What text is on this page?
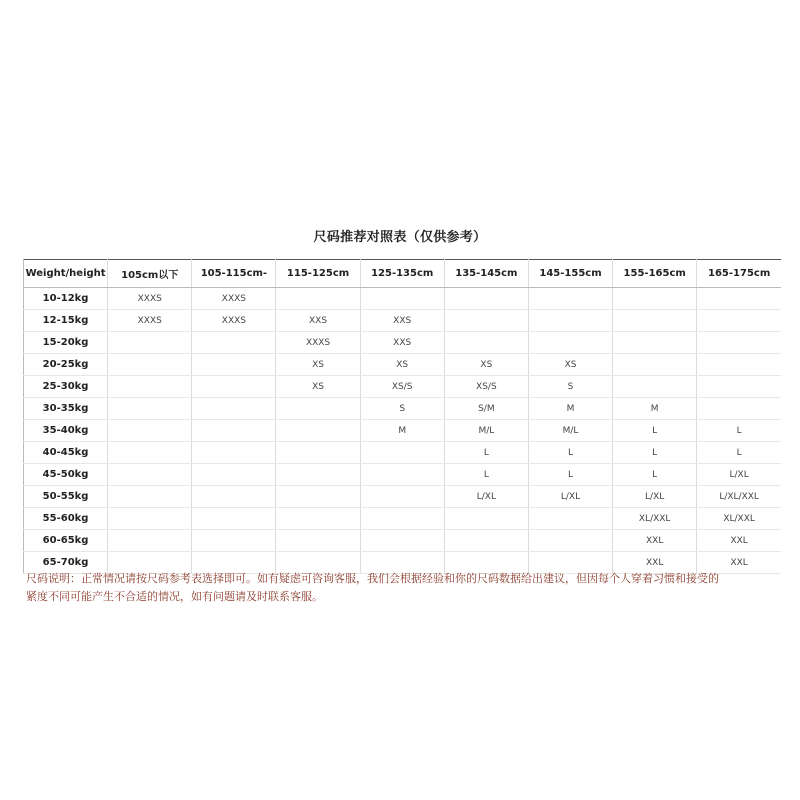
尺码推荐对照表（仅供参考）
Weight/height	105cm以下	105-115cm-	115-125cm	125-135cm	135-145cm	145-155cm	155-165cm	165-175cm
10-12kg	XXXS	XXXS						
12-15kg	XXXS	XXXS	XXS	XXS				
15-20kg			XXXS	XXS				
20-25kg			XS	XS	XS	XS		
25-30kg			XS	XS/S	XS/S	S		
30-35kg				S	S/M	M	M	
35-40kg				M	M/L	M/L	L	L
40-45kg					L	L	L	L
45-50kg					L	L	L	L/XL
50-55kg					L/XL	L/XL	L/XL	L/XL/XXL
55-60kg							XL/XXL	XL/XXL
60-65kg							XXL	XXL
65-70kg							XXL	XXL

尺码说明：正常情况请按尺码参考表选择即可。如有疑虑可咨询客服，我们会根据经验和你的尺码数据给出建议，但因每个人穿着习惯和接受的

紧度不同可能产生不合适的情况，如有问题请及时联系客服。
